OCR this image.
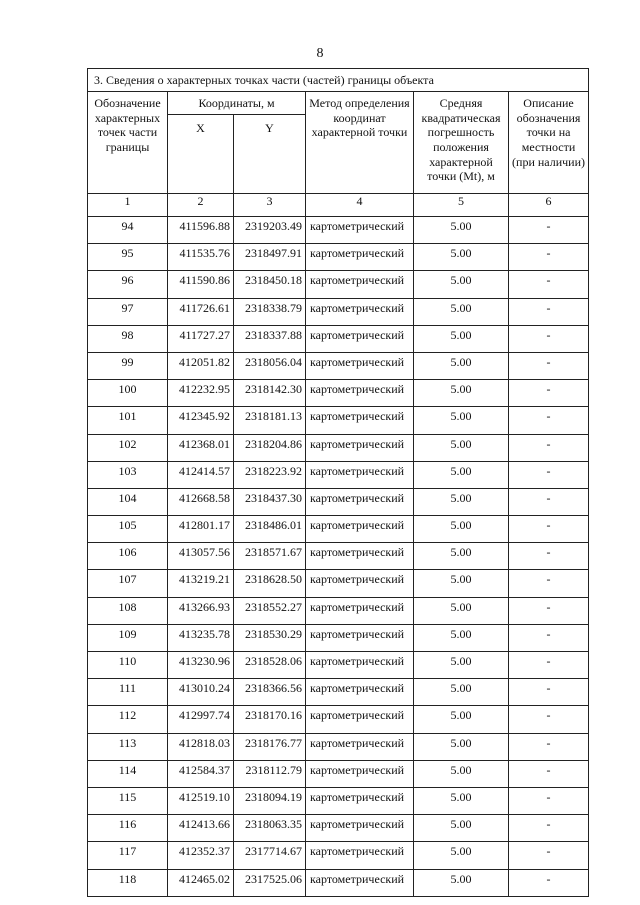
8
3. Сведения о характерных точках части (частей) границы объекта					
Обозначение характерных точек части границы	Координаты, м		Метод определения координат характерной точки	Средняя квадратическая погрешность положения характерной точки (Mt), м	Описание обозначения точки на местности (при наличии)
	X	Y			
1	2	3	4	5	6
94	411596.88	2319203.49	картометрический	5.00	-
95	411535.76	2318497.91	картометрический	5.00	-
96	411590.86	2318450.18	картометрический	5.00	-
97	411726.61	2318338.79	картометрический	5.00	-
98	411727.27	2318337.88	картометрический	5.00	-
99	412051.82	2318056.04	картометрический	5.00	-
100	412232.95	2318142.30	картометрический	5.00	-
101	412345.92	2318181.13	картометрический	5.00	-
102	412368.01	2318204.86	картометрический	5.00	-
103	412414.57	2318223.92	картометрический	5.00	-
104	412668.58	2318437.30	картометрический	5.00	-
105	412801.17	2318486.01	картометрический	5.00	-
106	413057.56	2318571.67	картометрический	5.00	-
107	413219.21	2318628.50	картометрический	5.00	-
108	413266.93	2318552.27	картометрический	5.00	-
109	413235.78	2318530.29	картометрический	5.00	-
110	413230.96	2318528.06	картометрический	5.00	-
111	413010.24	2318366.56	картометрический	5.00	-
112	412997.74	2318170.16	картометрический	5.00	-
113	412818.03	2318176.77	картометрический	5.00	-
114	412584.37	2318112.79	картометрический	5.00	-
115	412519.10	2318094.19	картометрический	5.00	-
116	412413.66	2318063.35	картометрический	5.00	-
117	412352.37	2317714.67	картометрический	5.00	-
118	412465.02	2317525.06	картометрический	5.00	-
